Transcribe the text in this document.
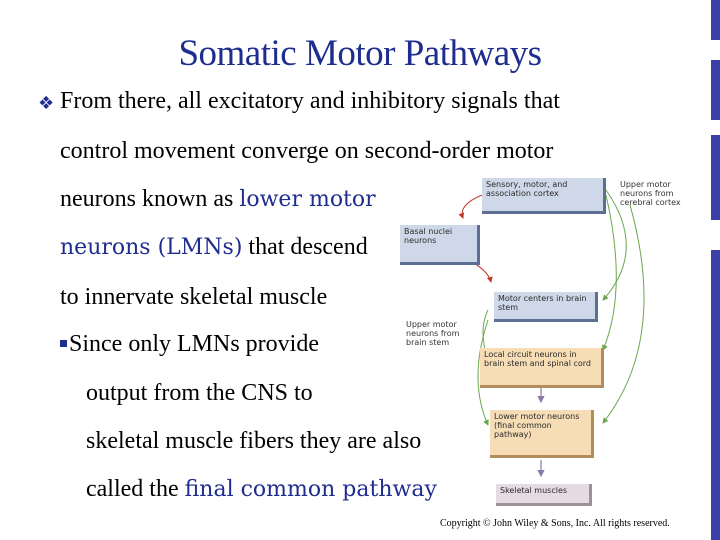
Somatic Motor Pathways
❖ From there, all excitatory and inhibitory signals that
control movement converge on second-order motor
neurons known as lower motor
neurons (LMNs) that descend
to innervate skeletal muscle
Since only LMNs provide
output from the CNS to
skeletal muscle fibers they are also
called the final common pathway
Sensory, motor, and association cortex
Basal nuclei neurons
Motor centers in brain stem
Local circuit neurons in brain stem and spinal cord
Lower motor neurons (final common pathway)
Skeletal muscles
Upper motor neurons from cerebral cortex
Upper motor neurons from brain stem
Copyright © John Wiley & Sons, Inc. All rights reserved.
